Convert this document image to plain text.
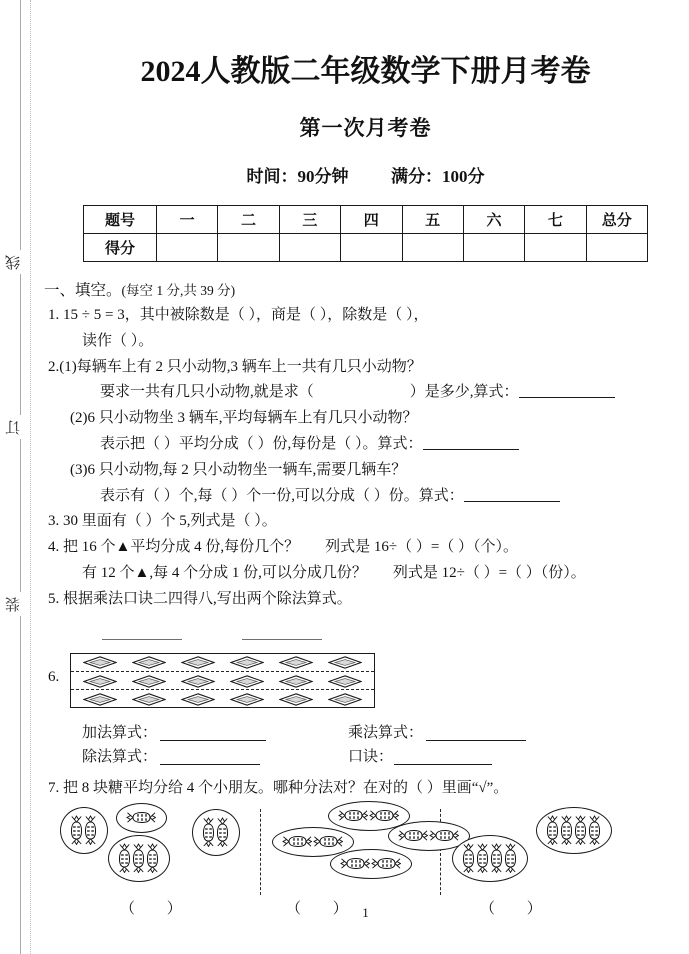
线
订
装
2024人教版二年级数学下册月考卷
第一次月考卷
时间：90分钟	满分：100分
题号	一	二	三	四	五	六	七	总分
得分								
一、填空。(每空 1 分,共 39 分)
1. 15 ÷ 5 = 3，其中被除数是（ ），商是（ ），除数是（ ），
读作（ ）。
2.(1)每辆车上有 2 只小动物,3 辆车上一共有几只小动物？
要求一共有几只小动物,就是求（	）是多少,算式：
(2)6 只小动物坐 3 辆车,平均每辆车上有几只小动物？
表示把（ ）平均分成（ ）份,每份是（ ）。算式：
(3)6 只小动物,每 2 只小动物坐一辆车,需要几辆车？
表示有（ ）个,每（ ）个一份,可以分成（ ）份。算式：
3. 30 里面有（ ）个 5,列式是（ ）。
4. 把 16 个▲平均分成 4 份,每份几个？ 列式是 16÷（ ）=（ ）（个）。
有 12 个▲,每 4 个分成 1 份,可以分成几份？ 列式是 12÷（ ）=（ ）（份）。
5. 根据乘法口诀二四得八,写出两个除法算式。
6.
加法算式：	乘法算式：
除法算式：	口诀：
7. 把 8 块糖平均分给 4 个小朋友。哪种分法对？在对的（ ）里画“√”。
（ ）	（ ）	（ ）
1
